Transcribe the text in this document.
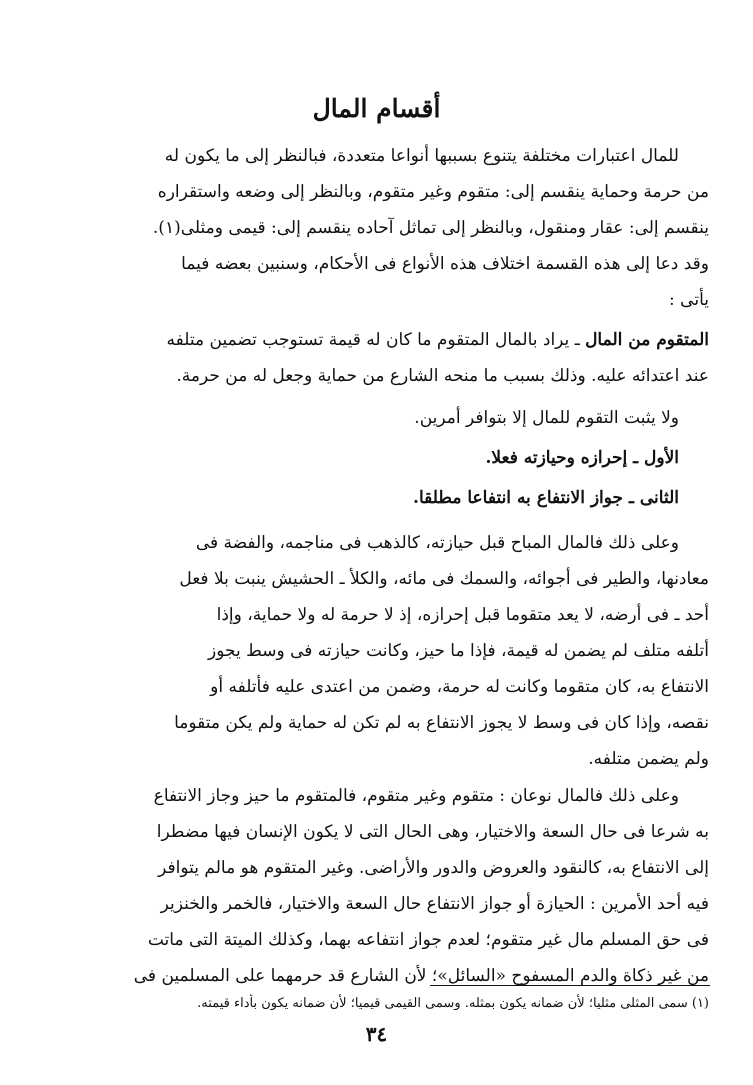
أقسام المال
للمال اعتبارات مختلفة يتنوع بسببها أنواعا متعددة، فبالنظر إلى ما يكون له
من حرمة وحماية ينقسم إلى: متقوم وغير متقوم، وبالنظر إلى وضعه واستقراره
ينقسم إلى: عقار ومنقول، وبالنظر إلى تماثل آحاده ينقسم إلى: قيمى ومثلى(١).
وقد دعا إلى هذه القسمة اختلاف هذه الأنواع فى الأحكام، وسنبين بعضه فيما
يأتى :
المتقوم من المال ـ يراد بالمال المتقوم ما كان له قيمة تستوجب تضمين متلفه
عند اعتدائه عليه. وذلك بسبب ما منحه الشارع من حماية وجعل له من حرمة.
ولا يثبت التقوم للمال إلا بتوافر أمرين.
الأول ـ إحرازه وحيازته فعلا.
الثانى ـ جواز الانتفاع به انتفاعا مطلقا.
وعلى ذلك فالمال المباح قبل حيازته، كالذهب فى مناجمه، والفضة فى
معادنها، والطير فى أجوائه، والسمك فى مائه، والكلأ ـ الحشيش ينبت بلا فعل
أحد ـ فى أرضه، لا يعد متقوما قبل إحرازه، إذ لا حرمة له ولا حماية، وإذا
أتلفه متلف لم يضمن له قيمة، فإذا ما حيز، وكانت حيازته فى وسط يجوز
الانتفاع به، كان متقوما وكانت له حرمة، وضمن من اعتدى عليه فأتلفه أو
نقصه، وإذا كان فى وسط لا يجوز الانتفاع به لم تكن له حماية ولم يكن متقوما
ولم يضمن متلفه.
وعلى ذلك فالمال نوعان : متقوم وغير متقوم، فالمتقوم ما حيز وجاز الانتفاع
به شرعا فى حال السعة والاختيار، وهى الحال التى لا يكون الإنسان فيها مضطرا
إلى الانتفاع به، كالنقود والعروض والدور والأراضى. وغير المتقوم هو مالم يتوافر
فيه أحد الأمرين : الحيازة أو جواز الانتفاع حال السعة والاختيار، فالخمر والخنزير
فى حق المسلم مال غير متقوم؛ لعدم جواز انتفاعه بهما، وكذلك الميتة التى ماتت
من غير ذكاة والدم المسفوح «السائل»؛ لأن الشارع قد حرمهما على المسلمين فى
(١) سمى المثلى مثليا؛ لأن ضمانه يكون بمثله. وسمى القيمى قيميا؛ لأن ضمانه يكون بأداء قيمته.
٣٤
